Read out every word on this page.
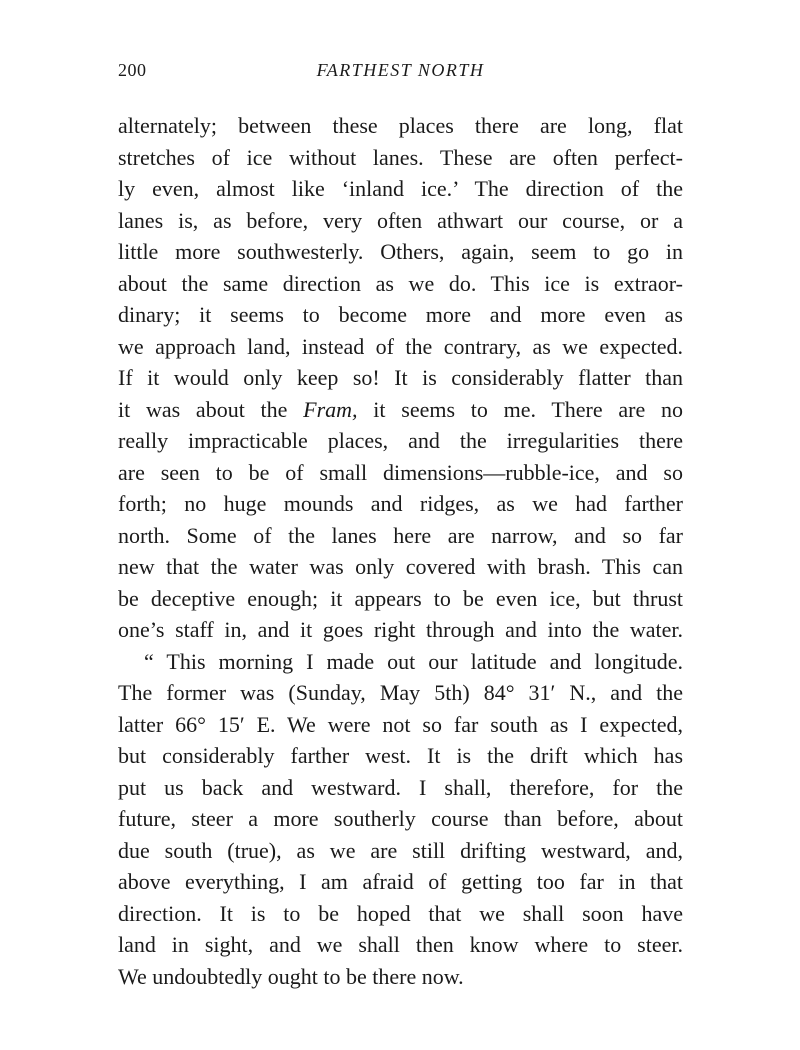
200	FARTHEST NORTH
alternately; between these places there are long, flat
stretches of ice without lanes. These are often perfect-
ly even, almost like ‘inland ice.’ The direction of the
lanes is, as before, very often athwart our course, or a
little more southwesterly. Others, again, seem to go in
about the same direction as we do. This ice is extraor-
dinary; it seems to become more and more even as
we approach land, instead of the contrary, as we expected.
If it would only keep so! It is considerably flatter than
it was about the Fram, it seems to me. There are no
really impracticable places, and the irregularities there
are seen to be of small dimensions—rubble-ice, and so
forth; no huge mounds and ridges, as we had farther
north. Some of the lanes here are narrow, and so far
new that the water was only covered with brash. This can
be deceptive enough; it appears to be even ice, but thrust
one’s staff in, and it goes right through and into the water.
“ This morning I made out our latitude and longitude.
The former was (Sunday, May 5th) 84° 31′ N., and the
latter 66° 15′ E. We were not so far south as I expected,
but considerably farther west. It is the drift which has
put us back and westward. I shall, therefore, for the
future, steer a more southerly course than before, about
due south (true), as we are still drifting westward, and,
above everything, I am afraid of getting too far in that
direction. It is to be hoped that we shall soon have
land in sight, and we shall then know where to steer.
We undoubtedly ought to be there now.
